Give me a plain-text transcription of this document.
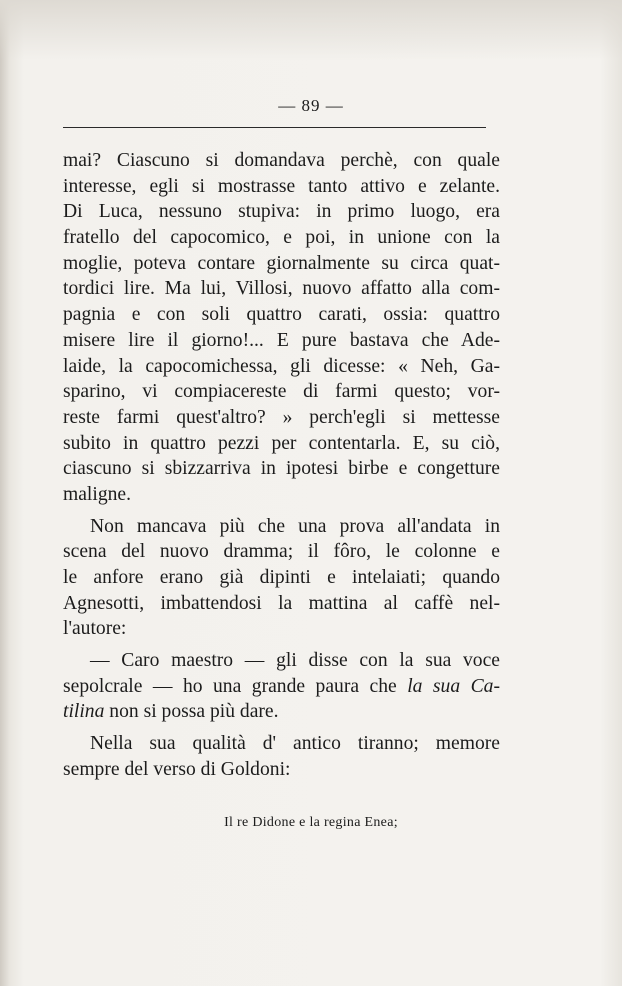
— 89 —
mai? Ciascuno si domandava perchè, con quale
interesse, egli si mostrasse tanto attivo e zelante.
Di Luca, nessuno stupiva: in primo luogo, era
fratello del capocomico, e poi, in unione con la
moglie, poteva contare giornalmente su circa quat-
tordici lire. Ma lui, Villosi, nuovo affatto alla com-
pagnia e con soli quattro carati, ossia: quattro
misere lire il giorno!... E pure bastava che Ade-
laide, la capocomichessa, gli dicesse: « Neh, Ga-
sparino, vi compiacereste di farmi questo; vor-
reste farmi quest'altro? » perch'egli si mettesse
subito in quattro pezzi per contentarla. E, su ciò,
ciascuno si sbizzarriva in ipotesi birbe e congetture
maligne.
Non mancava più che una prova all'andata in
scena del nuovo dramma; il fôro, le colonne e
le anfore erano già dipinti e intelaiati; quando
Agnesotti, imbattendosi la mattina al caffè nel-
l'autore:
— Caro maestro — gli disse con la sua voce
sepolcrale — ho una grande paura che la sua Ca-
tilina non si possa più dare.
Nella sua qualità d' antico tiranno; memore
sempre del verso di Goldoni:
Il re Didone e la regina Enea;
